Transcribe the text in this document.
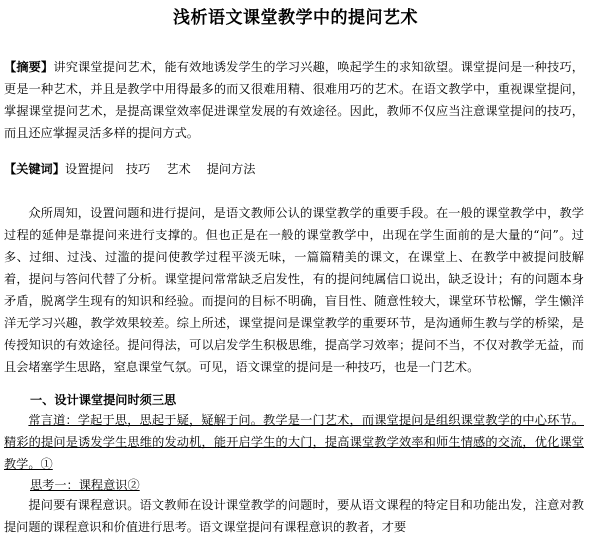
浅析语文课堂教学中的提问艺术

【摘要】讲究课堂提问艺术，能有效地诱发学生的学习兴趣，唤起学生的求知欲望。课堂提问是一种技巧，更是一种艺术，并且是教学中用得最多的而又很难用精、很难用巧的艺术。在语文教学中，重视课堂提问，掌握课堂提问艺术，是提高课堂效率促进课堂发展的有效途径。因此，教师不仅应当注意课堂提问的技巧，而且还应掌握灵活多样的提问方式。

【关键词】设置提问　技巧　 艺术　 提问方法

众所周知，设置问题和进行提问，是语文教师公认的课堂教学的重要手段。在一般的课堂教学中，教学过程的延伸是靠提问来进行支撑的。但也正是在一般的课堂教学中，出现在学生面前的是大量的“问”。过多、过细、过浅、过滥的提问使教学过程平淡无味，一篇篇精美的课文，在课堂上、在教学中被提问肢解着，提问与答问代替了分析。课堂提问常常缺乏启发性，有的提问纯属信口说出，缺乏设计；有的问题本身矛盾，脱离学生现有的知识和经验。而提问的目标不明确，盲目性、随意性较大，课堂环节松懈，学生懒洋洋无学习兴趣，教学效果较差。综上所述，课堂提问是课堂教学的重要环节，是沟通师生教与学的桥梁，是传授知识的有效途径。提问得法，可以启发学生积极思维，提高学习效率；提问不当，不仅对教学无益，而且会堵塞学生思路，窒息课堂气氛。可见，语文课堂的提问是一种技巧，也是一门艺术。

一、设计课堂提问时须三思

常言道：学起于思，思起于疑，疑解于问。教学是一门艺术，而课堂提问是组织课堂教学的中心环节。精彩的提问是诱发学生思维的发动机，能开启学生的大门，提高课堂教学效率和师生情感的交流，优化课堂教学。①

思考一：课程意识②

提问要有课程意识。语文教师在设计课堂教学的问题时，要从语文课程的特定目和功能出发，注意对教提问题的课程意识和价值进行思考。语文课堂提问有课程意识的教者，才要
